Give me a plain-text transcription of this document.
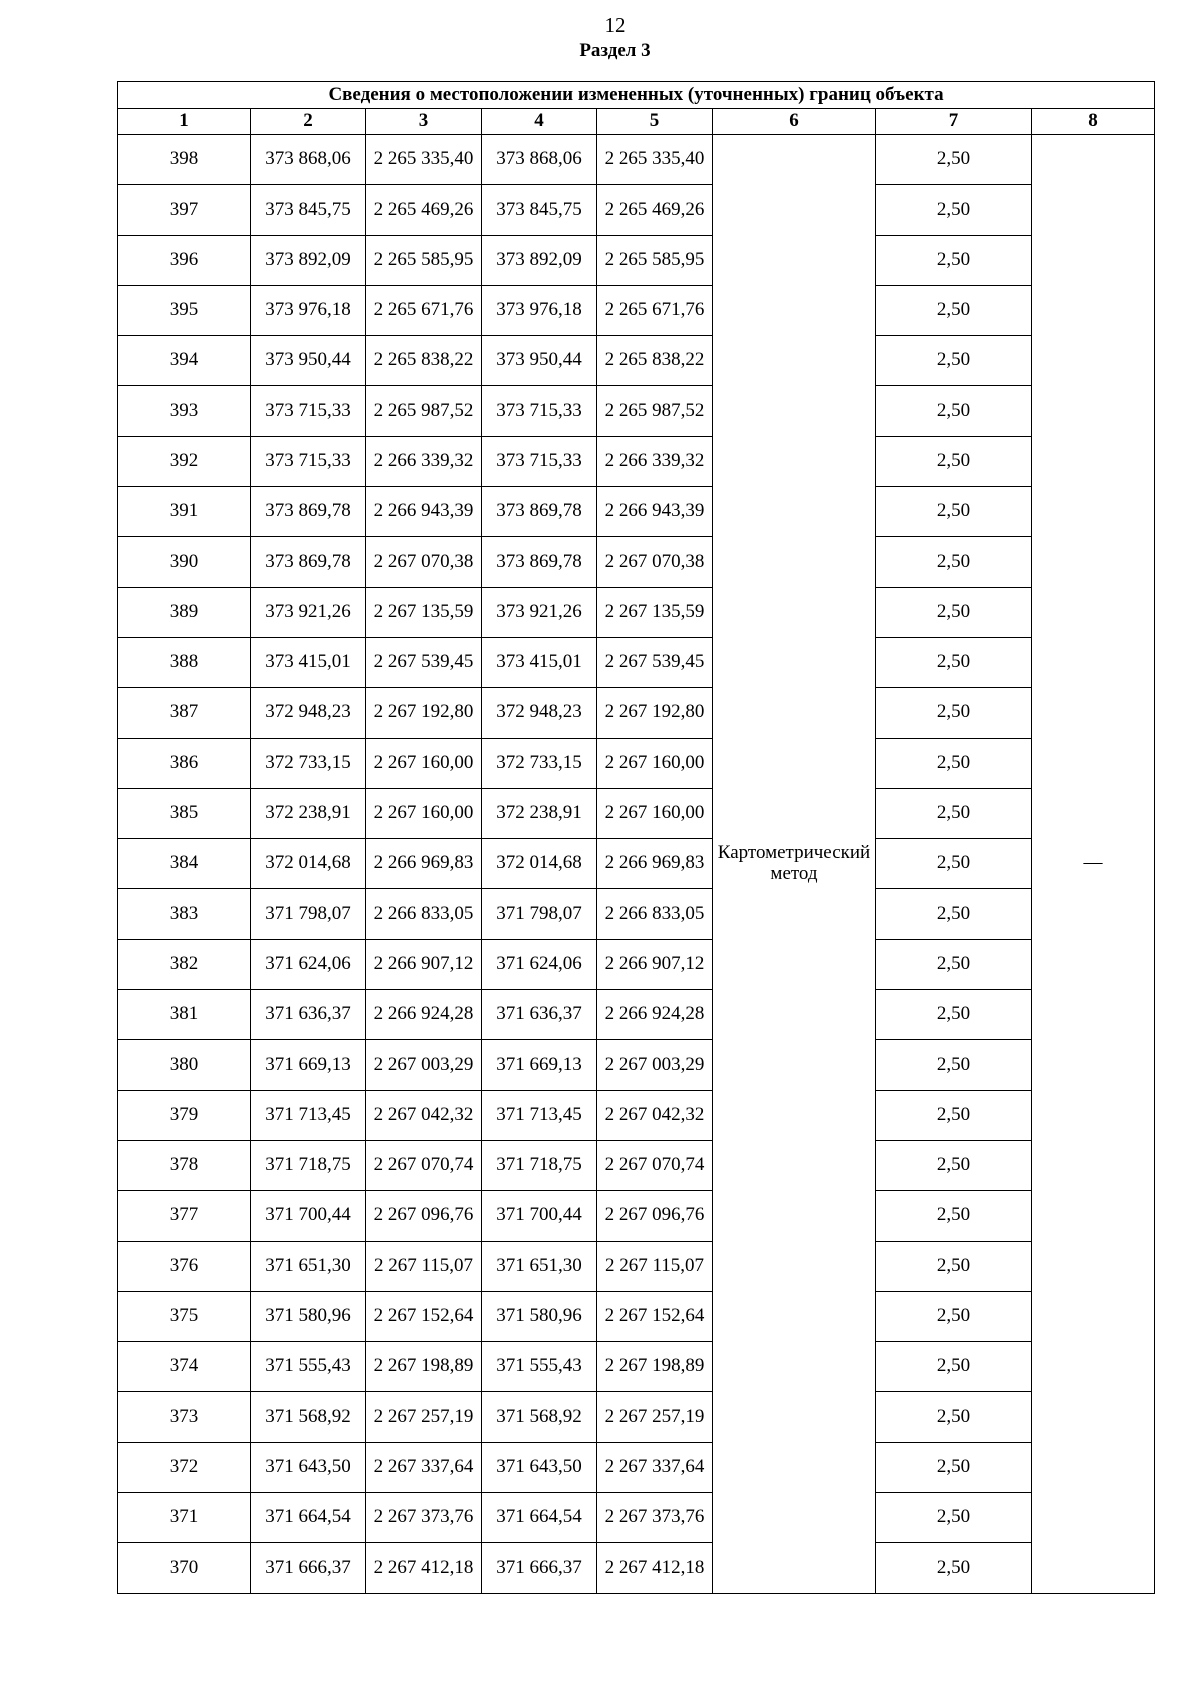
12
Раздел 3
Сведения о местоположении измененных (уточненных) границ объекта							
1	2	3	4	5	6	7	8
398	373 868,06	2 265 335,40	373 868,06	2 265 335,40	Картометрический метод	2,50	—
397	373 845,75	2 265 469,26	373 845,75	2 265 469,26		2,50	
396	373 892,09	2 265 585,95	373 892,09	2 265 585,95		2,50	
395	373 976,18	2 265 671,76	373 976,18	2 265 671,76		2,50	
394	373 950,44	2 265 838,22	373 950,44	2 265 838,22		2,50	
393	373 715,33	2 265 987,52	373 715,33	2 265 987,52		2,50	
392	373 715,33	2 266 339,32	373 715,33	2 266 339,32		2,50	
391	373 869,78	2 266 943,39	373 869,78	2 266 943,39		2,50	
390	373 869,78	2 267 070,38	373 869,78	2 267 070,38		2,50	
389	373 921,26	2 267 135,59	373 921,26	2 267 135,59		2,50	
388	373 415,01	2 267 539,45	373 415,01	2 267 539,45		2,50	
387	372 948,23	2 267 192,80	372 948,23	2 267 192,80		2,50	
386	372 733,15	2 267 160,00	372 733,15	2 267 160,00		2,50	
385	372 238,91	2 267 160,00	372 238,91	2 267 160,00		2,50	
384	372 014,68	2 266 969,83	372 014,68	2 266 969,83		2,50	
383	371 798,07	2 266 833,05	371 798,07	2 266 833,05		2,50	
382	371 624,06	2 266 907,12	371 624,06	2 266 907,12		2,50	
381	371 636,37	2 266 924,28	371 636,37	2 266 924,28		2,50	
380	371 669,13	2 267 003,29	371 669,13	2 267 003,29		2,50	
379	371 713,45	2 267 042,32	371 713,45	2 267 042,32		2,50	
378	371 718,75	2 267 070,74	371 718,75	2 267 070,74		2,50	
377	371 700,44	2 267 096,76	371 700,44	2 267 096,76		2,50	
376	371 651,30	2 267 115,07	371 651,30	2 267 115,07		2,50	
375	371 580,96	2 267 152,64	371 580,96	2 267 152,64		2,50	
374	371 555,43	2 267 198,89	371 555,43	2 267 198,89		2,50	
373	371 568,92	2 267 257,19	371 568,92	2 267 257,19		2,50	
372	371 643,50	2 267 337,64	371 643,50	2 267 337,64		2,50	
371	371 664,54	2 267 373,76	371 664,54	2 267 373,76		2,50	
370	371 666,37	2 267 412,18	371 666,37	2 267 412,18		2,50	
